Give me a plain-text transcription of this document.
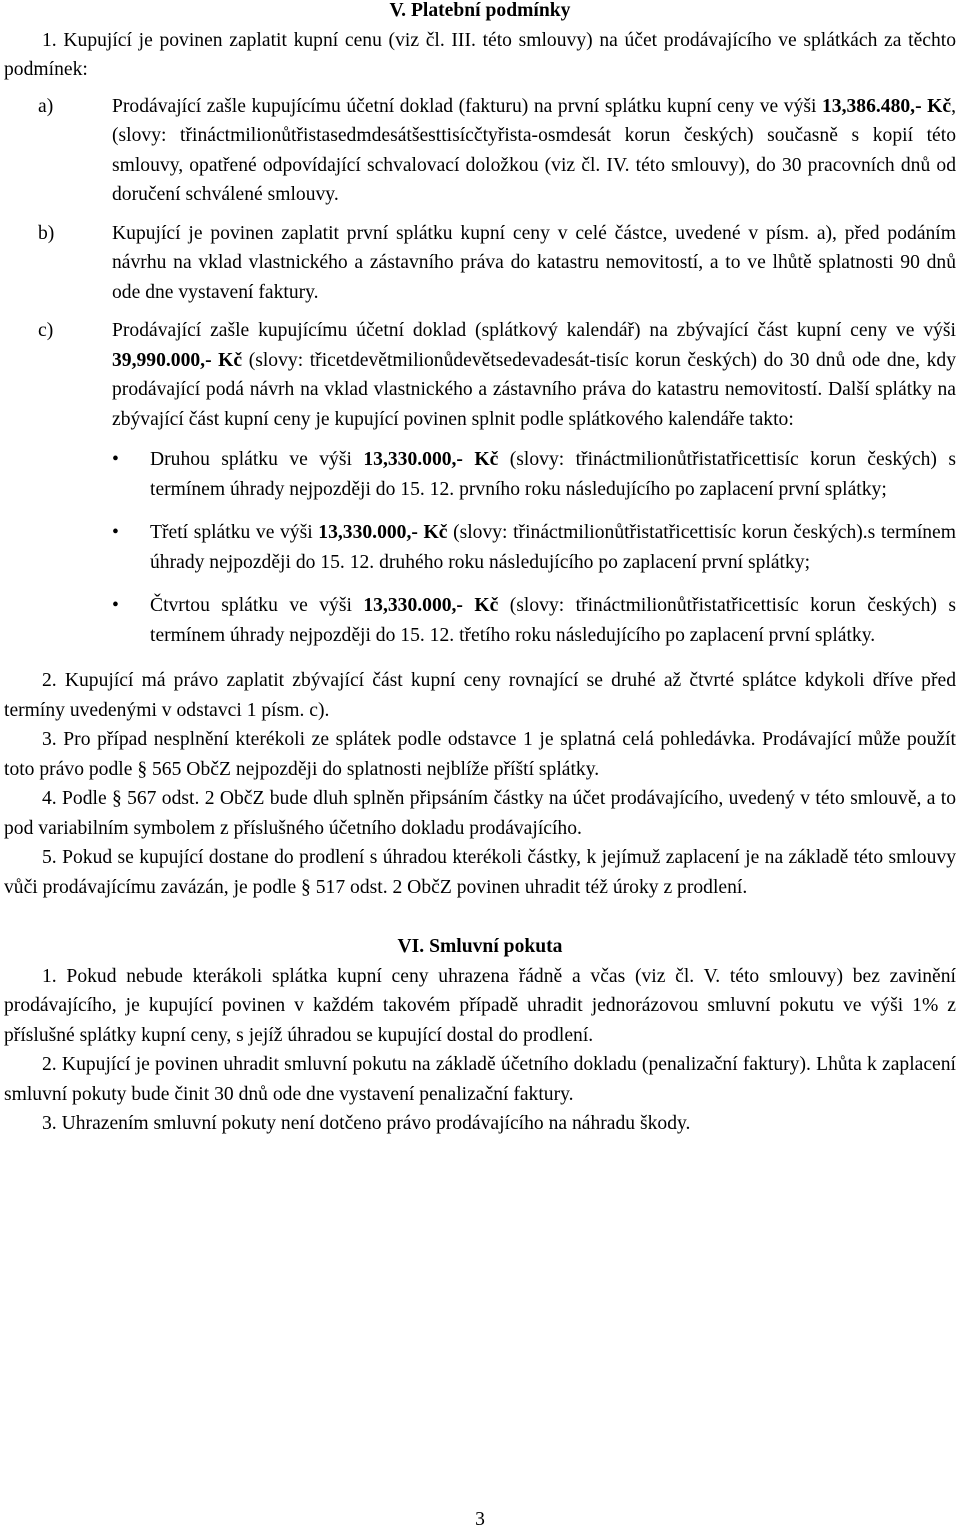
V. Platební podmínky

1. Kupující je povinen zaplatit kupní cenu (viz čl. III. této smlouvy) na účet prodávajícího ve splátkách za těchto podmínek:

a)	Prodávající zašle kupujícímu účetní doklad (fakturu) na první splátku kupní ceny ve výši 13,386.480,- Kč, (slovy: třináctmilionůtřistasedmdesátšesttisícčtyřista-osmdesát korun českých) současně s kopií této smlouvy, opatřené odpovídající schvalovací doložkou (viz čl. IV. této smlouvy), do 30 pracovních dnů od doručení schválené smlouvy.
b)	Kupující je povinen zaplatit první splátku kupní ceny v celé částce, uvedené v písm. a), před podáním návrhu na vklad vlastnického a zástavního práva do katastru nemovitostí, a to ve lhůtě splatnosti 90 dnů ode dne vystavení faktury.
c)	Prodávající zašle kupujícímu účetní doklad (splátkový kalendář) na zbývající část kupní ceny ve výši 39,990.000,- Kč (slovy: třicetdevětmilionůdevětsedevadesát-tisíc korun českých) do 30 dnů ode dne, kdy prodávající podá návrh na vklad vlastnického a zástavního práva do katastru nemovitostí. Další splátky na zbývající část kupní ceny je kupující povinen splnit podle splátkového kalendáře takto:
• Druhou splátku ve výši 13,330.000,- Kč (slovy: třináctmilionůtřistatřicettisíc korun českých) s termínem úhrady nejpozději do 15. 12. prvního roku následujícího po zaplacení první splátky;
• Třetí splátku ve výši 13,330.000,- Kč (slovy: třináctmilionůtřistatřicettisíc korun českých).s termínem úhrady nejpozději do 15. 12. druhého roku následujícího po zaplacení první splátky;
• Čtvrtou splátku ve výši 13,330.000,- Kč (slovy: třináctmilionůtřistatřicettisíc korun českých) s termínem úhrady nejpozději do 15. 12. třetího roku následujícího po zaplacení první splátky.

2. Kupující má právo zaplatit zbývající část kupní ceny rovnající se druhé až čtvrté splátce kdykoli dříve před termíny uvedenými v odstavci 1 písm. c).

3. Pro případ nesplnění kterékoli ze splátek podle odstavce 1 je splatná celá pohledávka. Prodávající může použít toto právo podle § 565 ObčZ nejpozději do splatnosti nejblíže příští splátky.

4. Podle § 567 odst. 2 ObčZ bude dluh splněn připsáním částky na účet prodávajícího, uvedený v této smlouvě, a to pod variabilním symbolem z příslušného účetního dokladu prodávajícího.

5. Pokud se kupující dostane do prodlení s úhradou kterékoli částky, k jejímuž zaplacení je na základě této smlouvy vůči prodávajícímu zavázán, je podle § 517 odst. 2 ObčZ povinen uhradit též úroky z prodlení.

VI. Smluvní pokuta

1. Pokud nebude kterákoli splátka kupní ceny uhrazena řádně a včas (viz čl. V. této smlouvy) bez zavinění prodávajícího, je kupující povinen v každém takovém případě uhradit jednorázovou smluvní pokutu ve výši 1% z příslušné splátky kupní ceny, s jejíž úhradou se kupující dostal do prodlení.

2. Kupující je povinen uhradit smluvní pokutu na základě účetního dokladu (penalizační faktury). Lhůta k zaplacení smluvní pokuty bude činit 30 dnů ode dne vystavení penalizační faktury.

3. Uhrazením smluvní pokuty není dotčeno právo prodávajícího na náhradu škody.

3
